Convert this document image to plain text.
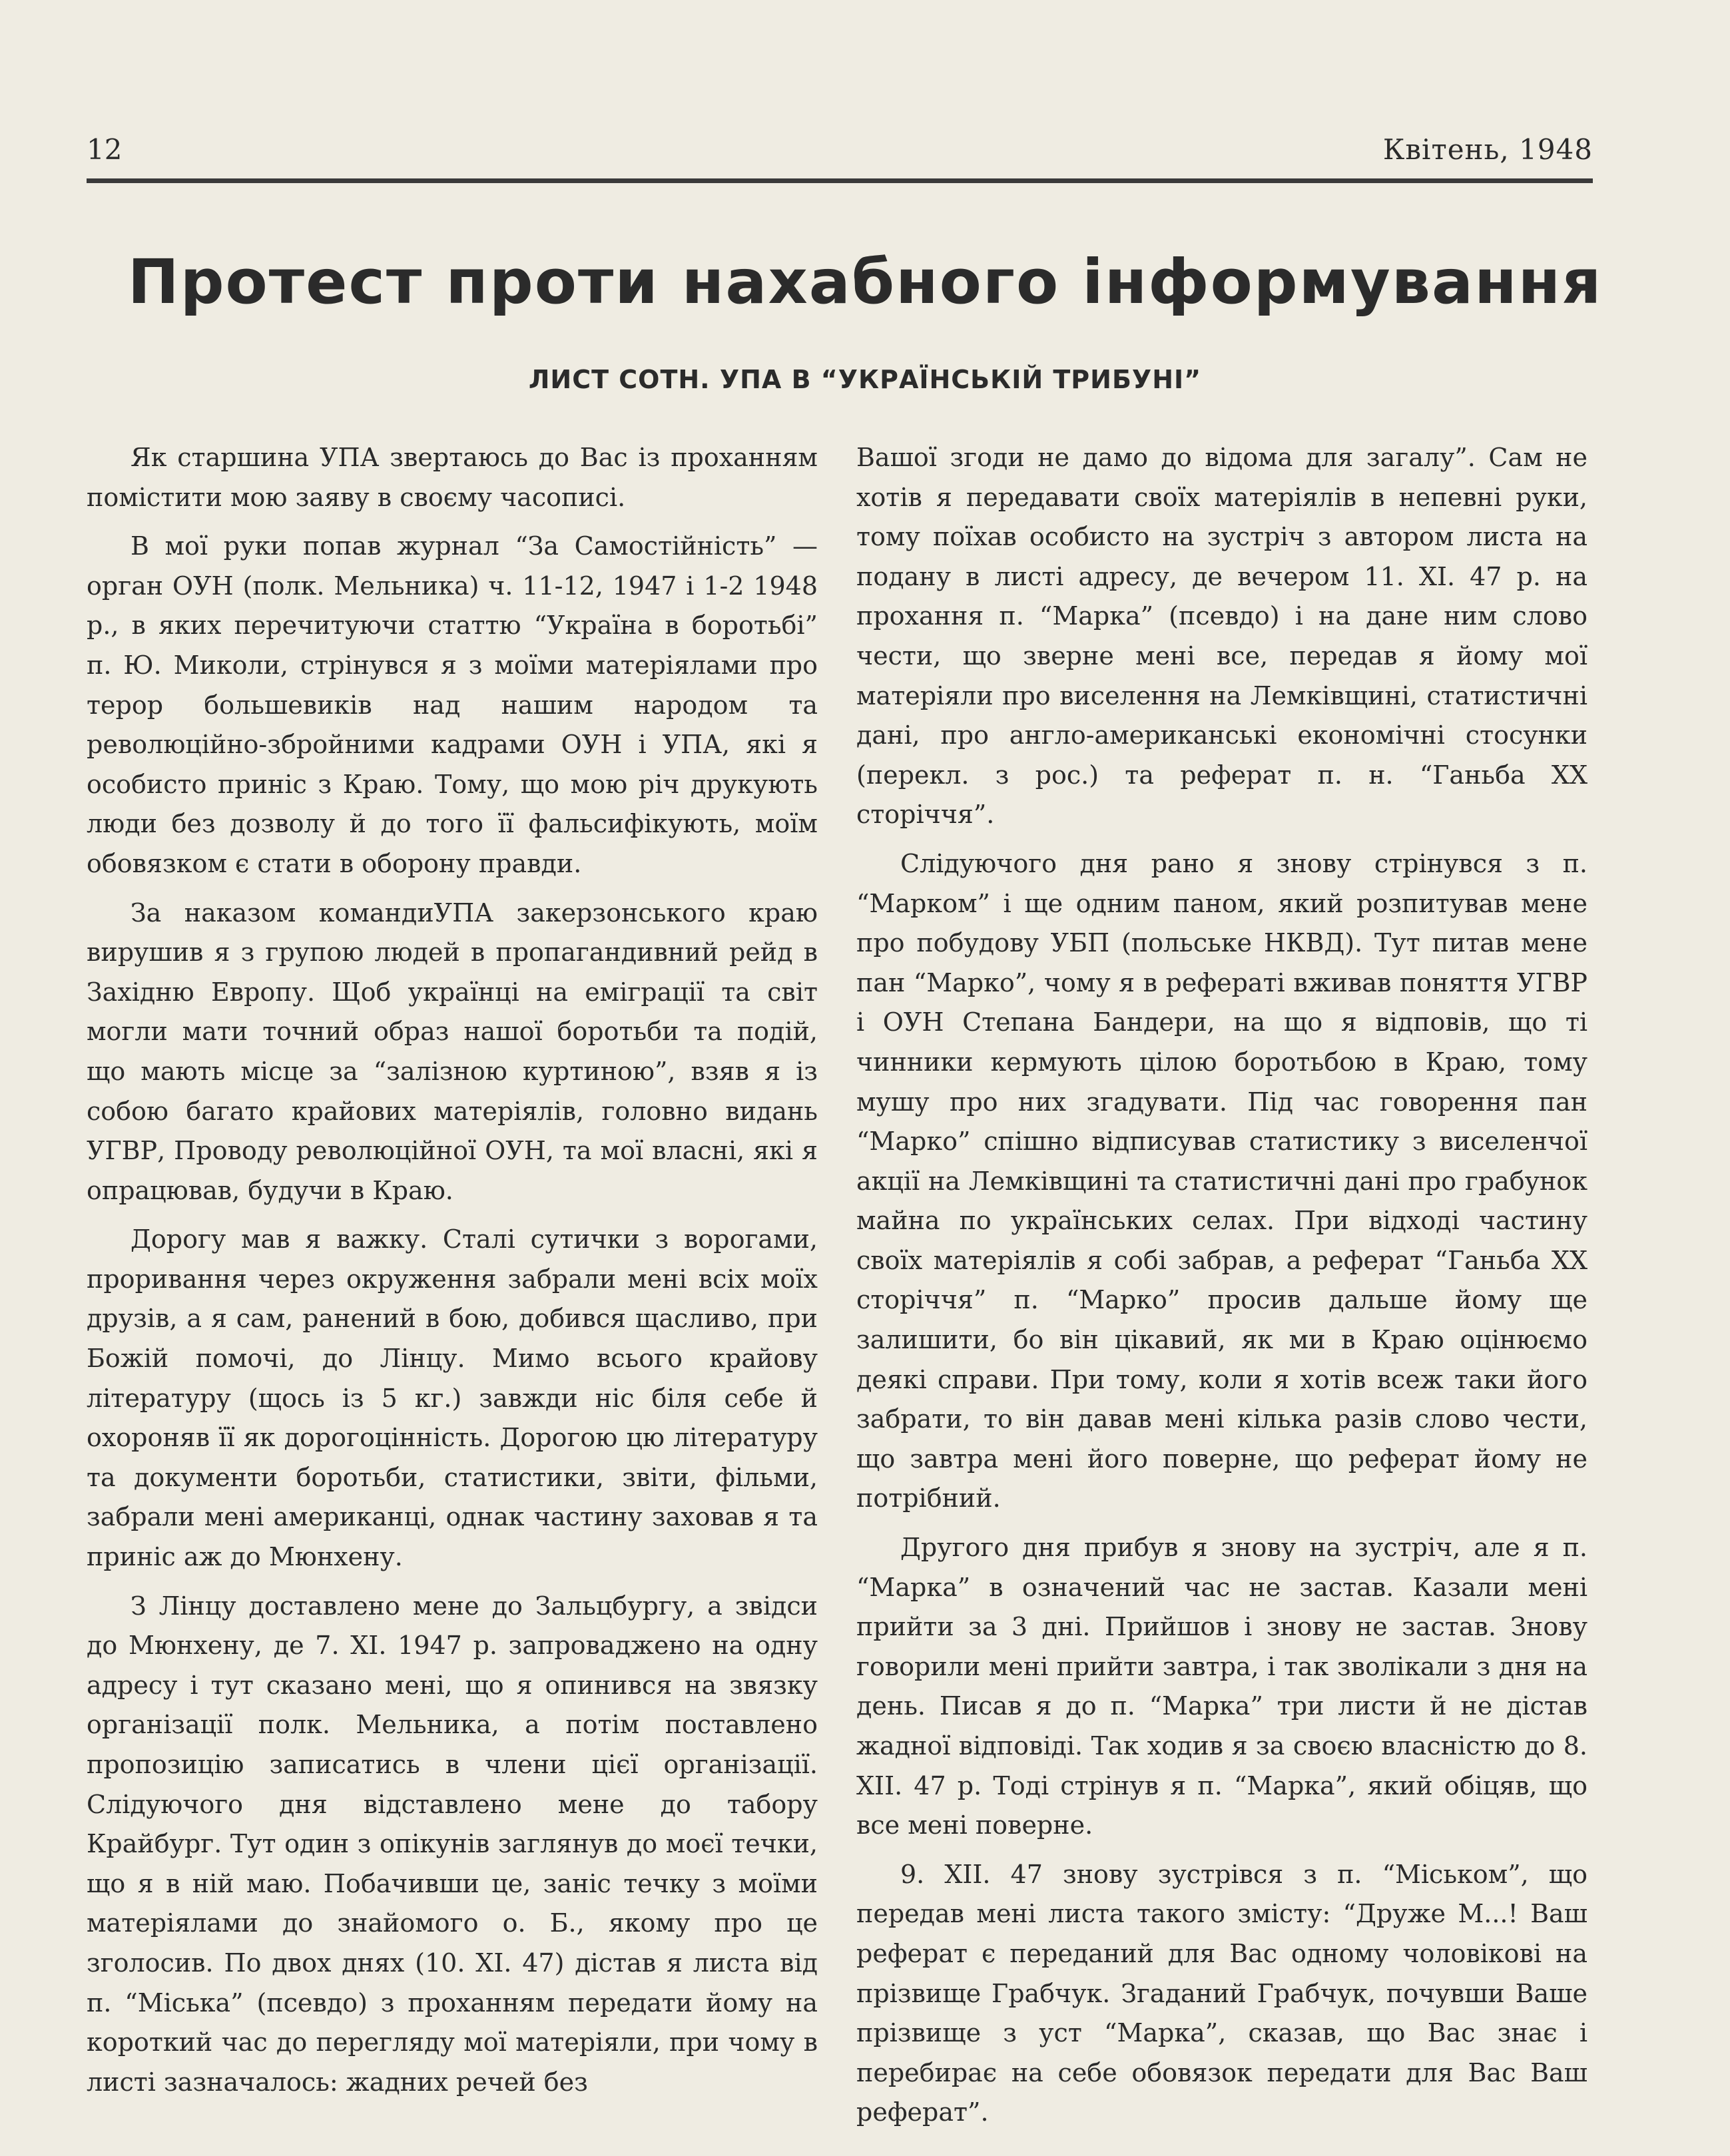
12	Квітень, 1948
Протест проти нахабного інформування
ЛИСТ СОТН. УПА В “УКРАЇНСЬКІЙ ТРИБУНІ”

Як старшина УПА звертаюсь до Вас із проханням помістити мою заяву в своєму часописі.

В мої руки попав журнал “За Самостійність” — орган ОУН (полк. Мельника) ч. 11-12, 1947 і 1-2 1948 р., в яких перечитуючи статтю “Україна в боротьбі” п. Ю. Миколи, стрінувся я з моїми матеріялами про терор большевиків над нашим народом та революційно-збройними кадрами ОУН і УПА, які я особисто приніс з Краю. Тому, що мою річ друкують люди без дозволу й до того її фальсифікують, моїм обовязком є стати в оборону правди.

За наказом командиУПА закерзонського краю вирушив я з групою людей в пропагандивний рейд в Західню Европу. Щоб українці на еміграції та світ могли мати точний образ нашої боротьби та подій, що мають місце за “залізною куртиною”, взяв я із собою багато крайових матеріялів, головно видань УГВР, Проводу революційної ОУН, та мої власні, які я опрацював, будучи в Краю.

Дорогу мав я важку. Сталі сутички з ворогами, проривання через окруження забрали мені всіх моїх друзів, а я сам, ранений в бою, добився щасливо, при Божій помочі, до Лінцу. Мимо всього крайову літературу (щось із 5 кг.) завжди ніс біля себе й охороняв її як дорогоцінність. Дорогою цю літературу та документи боротьби, статистики, звіти, фільми, забрали мені американці, однак частину заховав я та приніс аж до Мюнхену.

З Лінцу доставлено мене до Зальцбургу, а звідси до Мюнхену, де 7. XI. 1947 р. запроваджено на одну адресу і тут сказано мені, що я опинився на звязку організації полк. Мельника, а потім поставлено пропозицію записатись в члени цієї організації. Слідуючого дня відставлено мене до табору Крайбург. Тут один з опікунів заглянув до моєї течки, що я в ній маю. Побачивши це, заніс течку з моїми матеріялами до знайомого о. Б., якому про це зголосив. По двох днях (10. XI. 47) дістав я листа від п. “Міська” (псевдо) з проханням передати йому на короткий час до перегляду мої матеріяли, при чому в листі зазначалось: жадних речей без

Вашої згоди не дамо до відома для загалу”. Сам не хотів я передавати своїх матеріялів в непевні руки, тому поїхав особисто на зустріч з автором листа на подану в листі адресу, де вечером 11. XI. 47 р. на прохання п. “Марка” (псевдо) і на дане ним слово чести, що зверне мені все, передав я йому мої матеріяли про виселення на Лемківщині, статистичні дані, про англо-американські економічні стосунки (перекл. з рос.) та реферат п. н. “Ганьба XX сторіччя”.

Слідуючого дня рано я знову стрінувся з п. “Марком” і ще одним паном, який розпитував мене про побудову УБП (польське НКВД). Тут питав мене пан “Марко”, чому я в рефераті вживав поняття УГВР і ОУН Степана Бандери, на що я відповів, що ті чинники кермують цілою боротьбою в Краю, тому мушу про них згадувати. Під час говорення пан “Марко” спішно відписував статистику з виселенчої акції на Лемківщині та статистичні дані про грабунок майна по українських селах. При відході частину своїх матеріялів я собі забрав, а реферат “Ганьба XX сторіччя” п. “Марко” просив дальше йому ще залишити, бо він цікавий, як ми в Краю оцінюємо деякі справи. При тому, коли я хотів всеж таки його забрати, то він давав мені кілька разів слово чести, що завтра мені його поверне, що реферат йому не потрібний.

Другого дня прибув я знову на зустріч, але я п. “Марка” в означений час не застав. Казали мені прийти за 3 дні. Прийшов і знову не застав. Знову говорили мені прийти завтра, і так зволікали з дня на день. Писав я до п. “Марка” три листи й не дістав жадної відповіді. Так ходив я за своєю власністю до 8. XII. 47 р. Тоді стрінув я п. “Марка”, який обіцяв, що все мені поверне.

9. XII. 47 знову зустрівся з п. “Міськом”, що передав мені листа такого змісту: “Друже М...! Ваш реферат є переданий для Вас одному чоловікові на прізвище Грабчук. Згаданий Грабчук, почувши Ваше прізвище з уст “Марка”, сказав, що Вас знає і перебирає на себе обовязок передати для Вас Ваш реферат”.
